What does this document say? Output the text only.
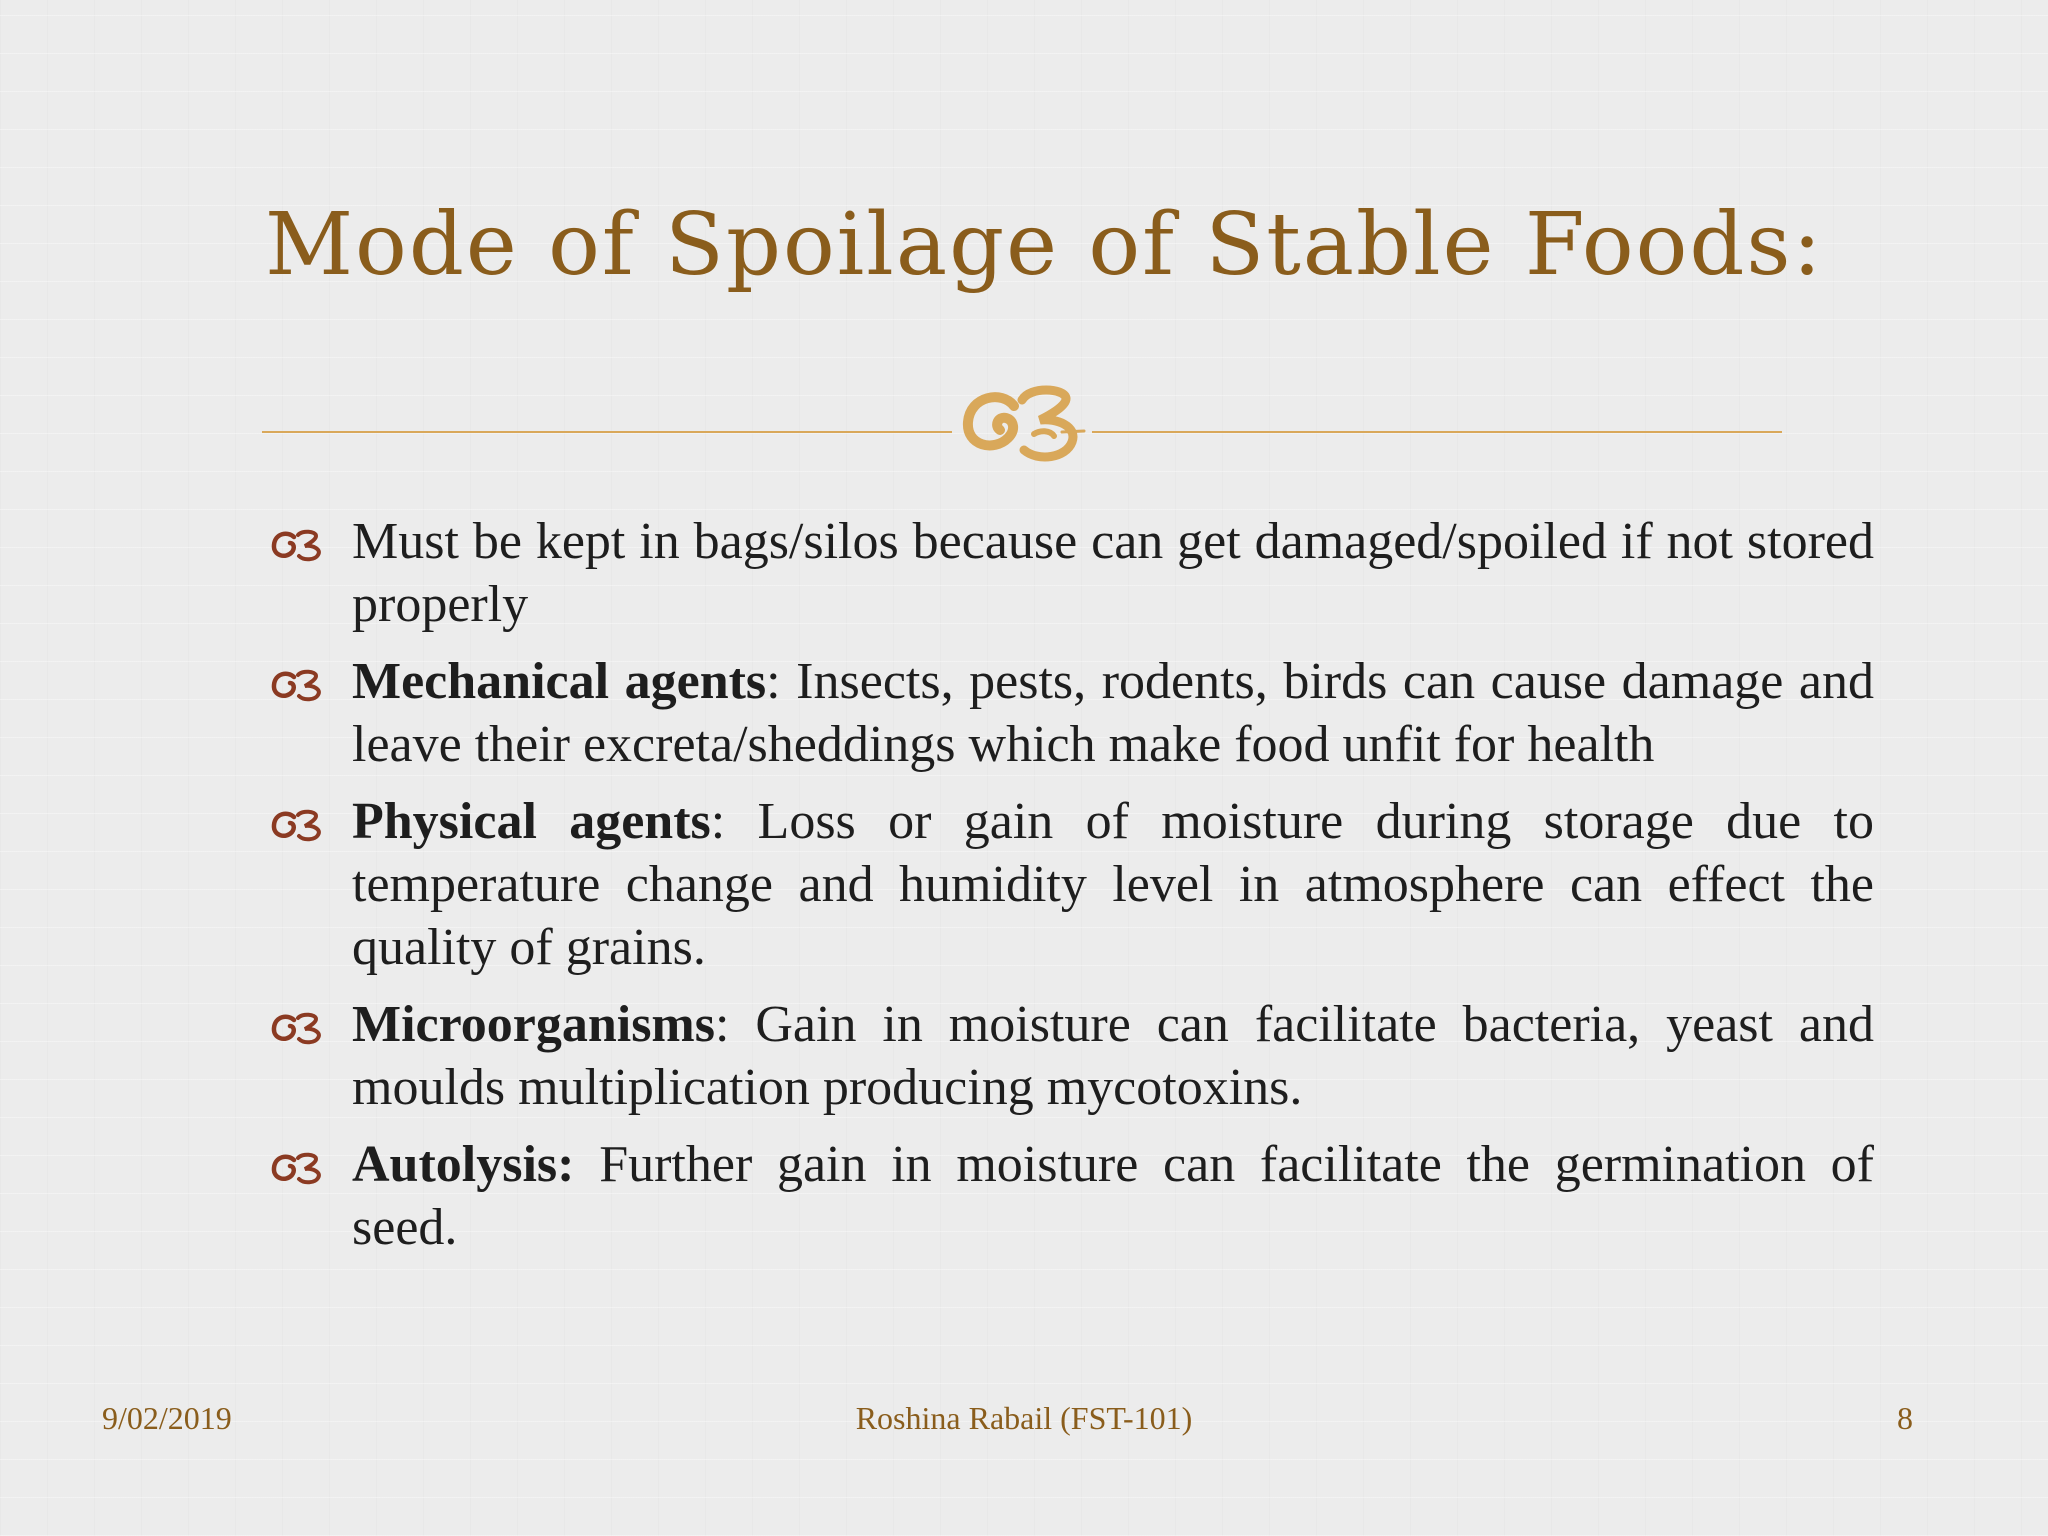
Mode of Spoilage of Stable Foods:

Must be kept in bags/silos because can get damaged/spoiled if not stored properly

Mechanical agents: Insects, pests, rodents, birds can cause damage and leave their excreta/sheddings which make food unfit for health

Physical agents: Loss or gain of moisture during storage due to temperature change and humidity level in atmosphere can effect the quality of grains.

Microorganisms: Gain in moisture can facilitate bacteria, yeast and moulds multiplication producing mycotoxins.

Autolysis: Further gain in moisture can facilitate the germination of seed.

9/02/2019	Roshina Rabail (FST-101)	8
